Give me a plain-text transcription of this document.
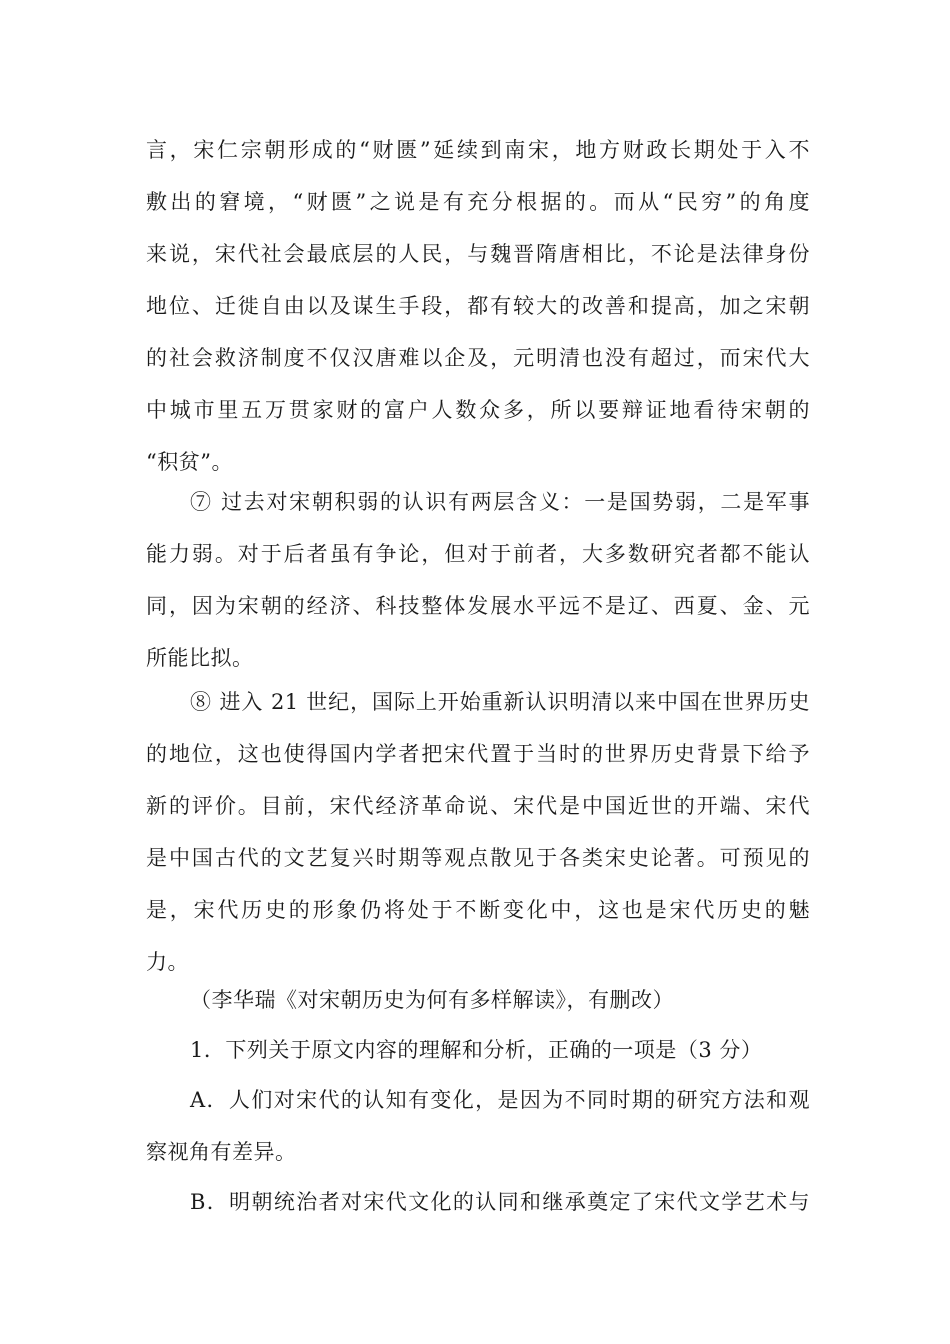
言，宋仁宗朝形成的“财匮”延续到南宋，地方财政长期处于入不
敷出的窘境，“财匮”之说是有充分根据的。而从“民穷”的角度
来说，宋代社会最底层的人民，与魏晋隋唐相比，不论是法律身份
地位、迁徙自由以及谋生手段，都有较大的改善和提高，加之宋朝
的社会救济制度不仅汉唐难以企及，元明清也没有超过，而宋代大
中城市里五万贯家财的富户人数众多，所以要辩证地看待宋朝的
“积贫”。
⑦ 过去对宋朝积弱的认识有两层含义：一是国势弱，二是军事
能力弱。对于后者虽有争论，但对于前者，大多数研究者都不能认
同，因为宋朝的经济、科技整体发展水平远不是辽、西夏、金、元
所能比拟。
⑧ 进入 21 世纪，国际上开始重新认识明清以来中国在世界历史
的地位，这也使得国内学者把宋代置于当时的世界历史背景下给予
新的评价。目前，宋代经济革命说、宋代是中国近世的开端、宋代
是中国古代的文艺复兴时期等观点散见于各类宋史论著。可预见的
是，宋代历史的形象仍将处于不断变化中，这也是宋代历史的魅
力。
（李华瑞《对宋朝历史为何有多样解读》，有删改）
1．下列关于原文内容的理解和分析，正确的一项是（3 分）
A．人们对宋代的认知有变化，是因为不同时期的研究方法和观
察视角有差异。
B．明朝统治者对宋代文化的认同和继承奠定了宋代文学艺术与
